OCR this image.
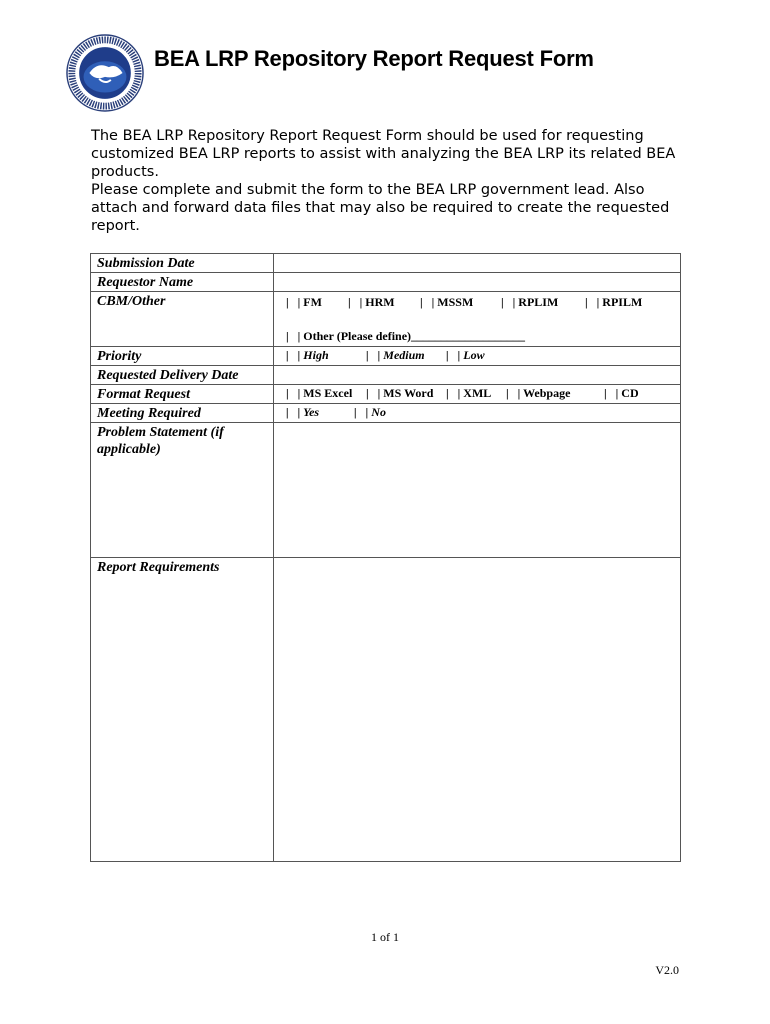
BEA LRP Repository Report Request Form

The BEA LRP Repository Report Request Form should be used for requesting customized BEA LRP reports to assist with analyzing the BEA LRP its related BEA products.

Please complete and submit the form to the BEA LRP government lead. Also attach and forward data files that may also be required to create the requested report.

Submission Date	
Requestor Name	
CBM/Other	|   | FM |   | HRM |   | MSSM |   | RPLIM |   | RPILM
|   | Other (Please define)___________________

Priority	|   | High |   | Medium |   | Low
Requested Delivery Date	
Format Request	|   | MS Excel |   | MS Word |   | XML |   | Webpage |   | CD
Meeting Required	|   | Yes |   | No
Problem Statement (if applicable)	
Report Requirements	
1 of 1
V2.0
